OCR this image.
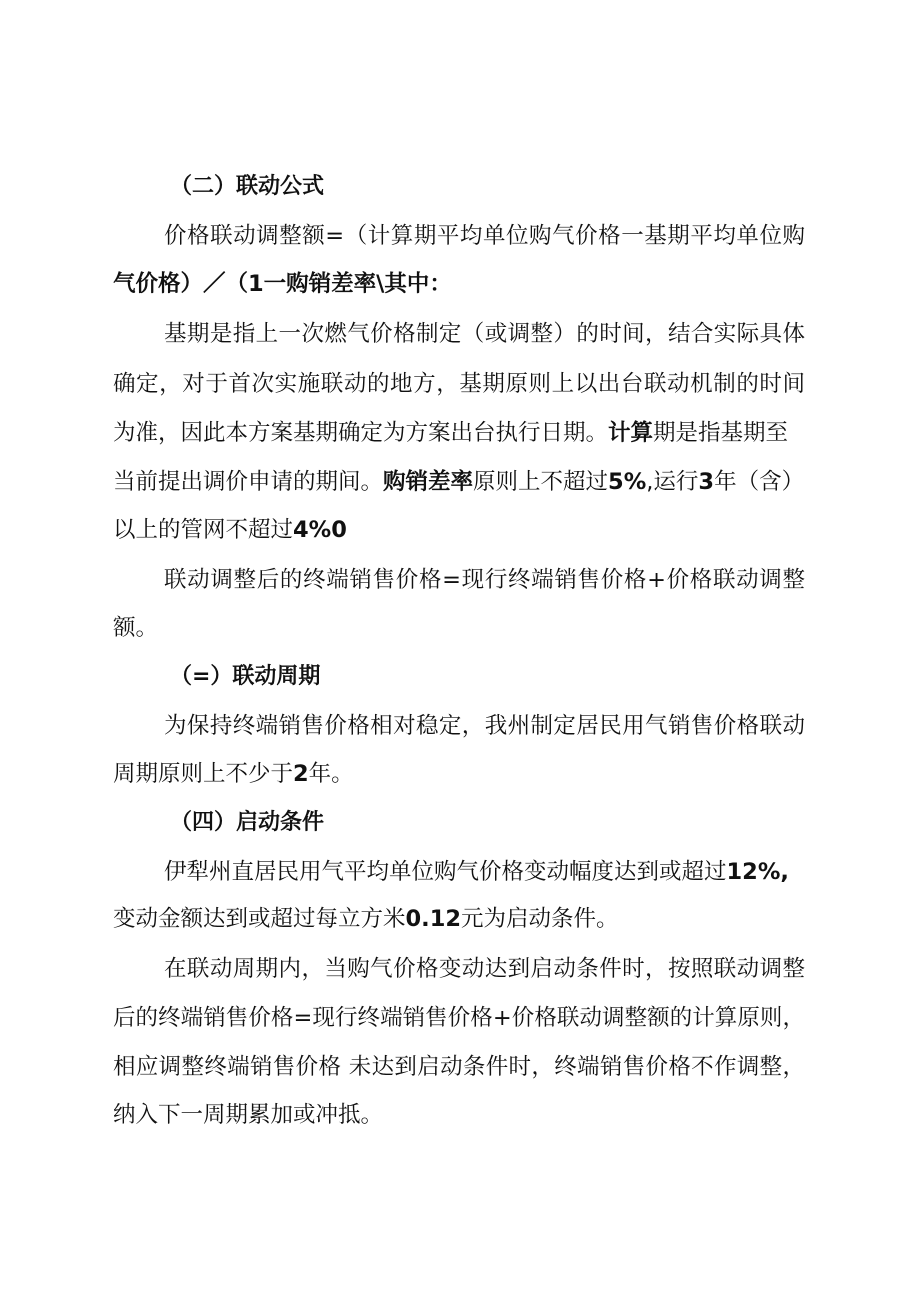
（二）联动公式
价格联动调整额=（计算期平均单位购气价格一基期平均单位购
气价格）／（1一购销差率\其中：
基期是指上一次燃气价格制定（或调整）的时间，结合实际具体
确定，对于首次实施联动的地方，基期原则上以出台联动机制的时间
为准，因此本方案基期确定为方案出台执行日期。计算期是指基期至
当前提出调价申请的期间。购销差率原则上不超过5%,运行3年（含）
以上的管网不超过4%0
联动调整后的终端销售价格=现行终端销售价格+价格联动调整
额。
（=）联动周期
为保持终端销售价格相对稳定，我州制定居民用气销售价格联动
周期原则上不少于2年。
（四）启动条件
伊犁州直居民用气平均单位购气价格变动幅度达到或超过12%,
变动金额达到或超过每立方米0.12元为启动条件。
在联动周期内，当购气价格变动达到启动条件时，按照联动调整
后的终端销售价格=现行终端销售价格+价格联动调整额的计算原则，
相应调整终端销售价格 未达到启动条件时，终端销售价格不作调整，
纳入下一周期累加或冲抵。
